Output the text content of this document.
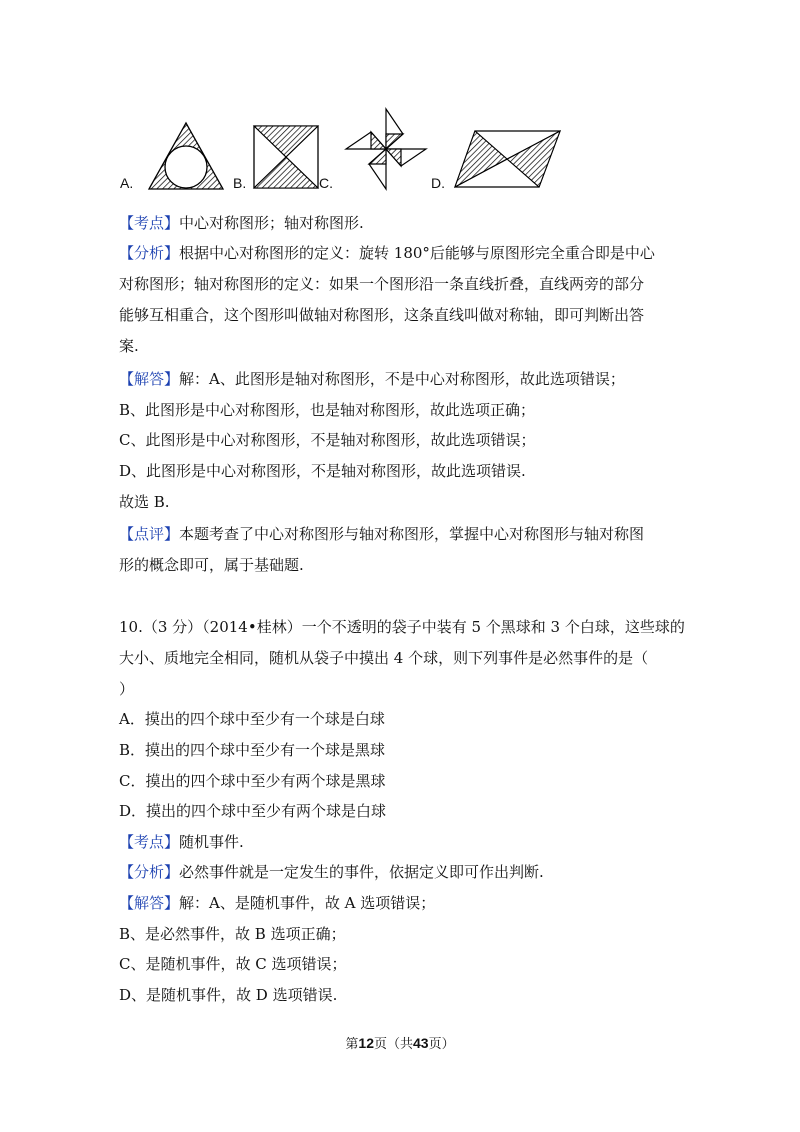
A.	B.	C.	D.
【考点】中心对称图形；轴对称图形.
【分析】根据中心对称图形的定义：旋转 180°后能够与原图形完全重合即是中心
对称图形；轴对称图形的定义：如果一个图形沿一条直线折叠，直线两旁的部分
能够互相重合，这个图形叫做轴对称图形，这条直线叫做对称轴，即可判断出答
案.
【解答】解：A、此图形是轴对称图形，不是中心对称图形，故此选项错误；
B、此图形是中心对称图形，也是轴对称图形，故此选项正确；
C、此图形是中心对称图形，不是轴对称图形，故此选项错误；
D、此图形是中心对称图形，不是轴对称图形，故此选项错误.
故选 B.
【点评】本题考查了中心对称图形与轴对称图形，掌握中心对称图形与轴对称图
形的概念即可，属于基础题.
10.（3 分）（2014•桂林）一个不透明的袋子中装有 5 个黑球和 3 个白球，这些球的
大小、质地完全相同，随机从袋子中摸出 4 个球，则下列事件是必然事件的是（
）
A．摸出的四个球中至少有一个球是白球
B．摸出的四个球中至少有一个球是黑球
C．摸出的四个球中至少有两个球是黑球
D．摸出的四个球中至少有两个球是白球
【考点】随机事件.
【分析】必然事件就是一定发生的事件，依据定义即可作出判断.
【解答】解：A、是随机事件，故 A 选项错误；
B、是必然事件，故 B 选项正确；
C、是随机事件，故 C 选项错误；
D、是随机事件，故 D 选项错误.
第12页（共43页）
